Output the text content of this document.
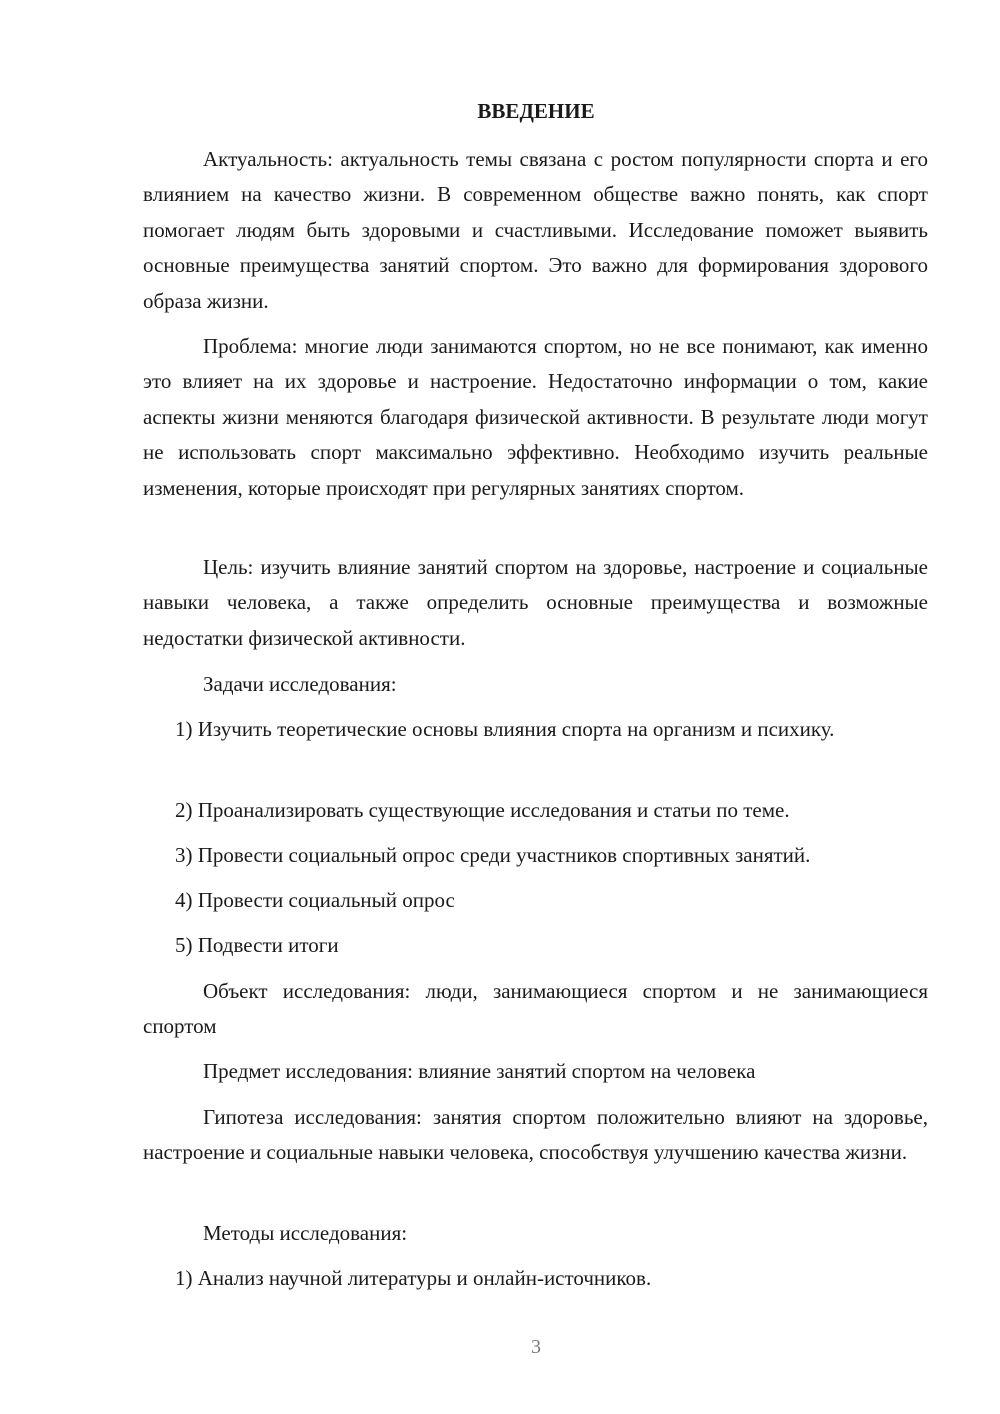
ВВЕДЕНИЕ

Актуальность: актуальность темы связана с ростом популярности спорта и его влиянием на качество жизни. В современном обществе важно понять, как спорт помогает людям быть здоровыми и счастливыми. Исследование поможет выявить основные преимущества занятий спортом. Это важно для формирования здорового образа жизни.

Проблема: многие люди занимаются спортом, но не все понимают, как именно это влияет на их здоровье и настроение. Недостаточно информации о том, какие аспекты жизни меняются благодаря физической активности. В результате люди могут не использовать спорт максимально эффективно. Необходимо изучить реальные изменения, которые происходят при регулярных занятиях спортом.

Цель: изучить влияние занятий спортом на здоровье, настроение и социальные навыки человека, а также определить основные преимущества и возможные недостатки физической активности.

Задачи исследования:

1) Изучить теоретические основы влияния спорта на организм и психику.

2) Проанализировать существующие исследования и статьи по теме.

3) Провести социальный опрос среди участников спортивных занятий.

4) Провести социальный опрос

5) Подвести итоги

Объект исследования: люди, занимающиеся спортом и не занимающиеся спортом

Предмет исследования: влияние занятий спортом на человека

Гипотеза исследования: занятия спортом положительно влияют на здоровье, настроение и социальные навыки человека, способствуя улучшению качества жизни.

Методы исследования:

1) Анализ научной литературы и онлайн-источников.

3
